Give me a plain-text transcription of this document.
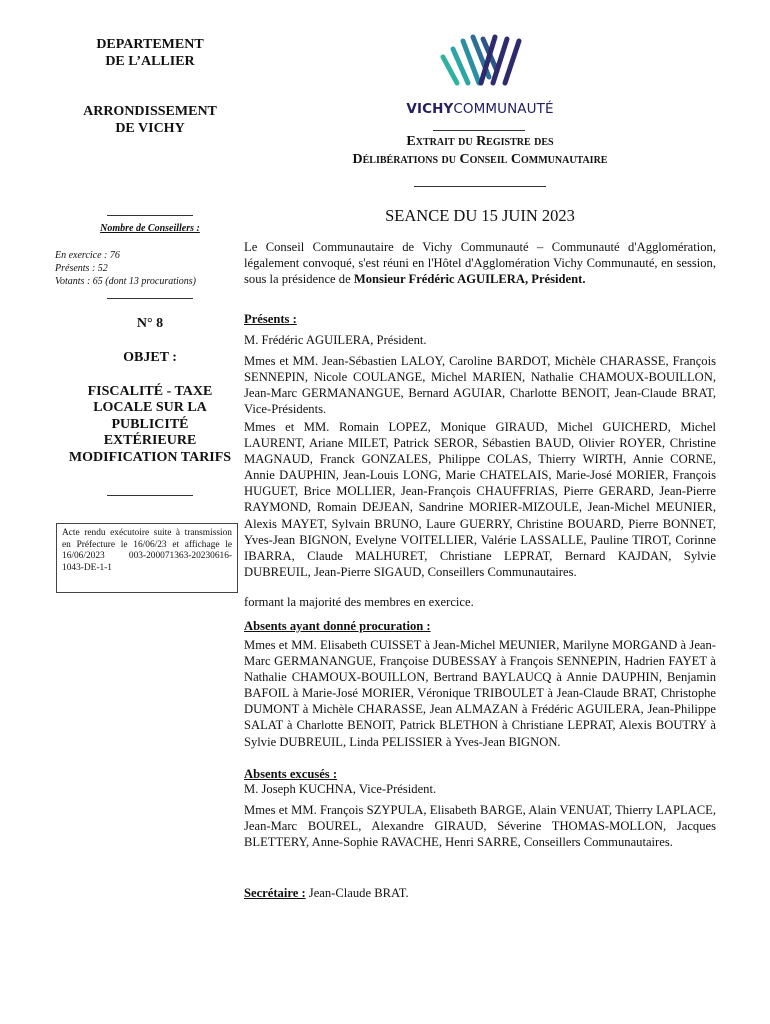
DEPARTEMENT
DE L’ALLIER
ARRONDISSEMENT
DE VICHY
Nombre de Conseillers :
En exercice : 76
Présents : 52
Votants : 65 (dont 13 procurations)
N° 8
OBJET :
FISCALITÉ - TAXE
LOCALE SUR LA
PUBLICITÉ
EXTÉRIEURE
MODIFICATION TARIFS
Acte rendu exécutoire suite à transmission en Préfecture le 16/06/23 et affichage le 16/06/2023 003-200071363-20230616-1043-DE-1-1
VICHYCOMMUNAUTÉ
Extrait du Registre des
Délibérations du Conseil Communautaire
SEANCE DU 15 JUIN 2023
Le Conseil Communautaire de Vichy Communauté – Communauté d'Agglomération, légalement convoqué, s'est réuni en l'Hôtel d'Agglomération Vichy Communauté, en session, sous la présidence de Monsieur Frédéric AGUILERA, Président.
Présents :
M. Frédéric AGUILERA, Président.
Mmes et MM. Jean-Sébastien LALOY, Caroline BARDOT, Michèle CHARASSE, François SENNEPIN, Nicole COULANGE, Michel MARIEN, Nathalie CHAMOUX-BOUILLON, Jean-Marc GERMANANGUE, Bernard AGUIAR, Charlotte BENOIT, Jean-Claude BRAT, Vice-Présidents.
Mmes et MM. Romain LOPEZ, Monique GIRAUD, Michel GUICHERD, Michel LAURENT, Ariane MILET, Patrick SEROR, Sébastien BAUD, Olivier ROYER, Christine MAGNAUD, Franck GONZALES, Philippe COLAS, Thierry WIRTH, Annie CORNE, Annie DAUPHIN, Jean-Louis LONG, Marie CHATELAIS, Marie-José MORIER, François HUGUET, Brice MOLLIER, Jean-François CHAUFFRIAS, Pierre GERARD, Jean-Pierre RAYMOND, Romain DEJEAN, Sandrine MORIER-MIZOULE, Jean-Michel MEUNIER, Alexis MAYET, Sylvain BRUNO, Laure GUERRY, Christine BOUARD, Pierre BONNET, Yves-Jean BIGNON, Evelyne VOITELLIER, Valérie LASSALLE, Pauline TIROT, Corinne IBARRA, Claude MALHURET, Christiane LEPRAT, Bernard KAJDAN, Sylvie DUBREUIL, Jean-Pierre SIGAUD, Conseillers Communautaires.
formant la majorité des membres en exercice.
Absents ayant donné procuration :
Mmes et MM. Elisabeth CUISSET à Jean-Michel MEUNIER, Marilyne MORGAND à Jean-Marc GERMANANGUE, Françoise DUBESSAY à François SENNEPIN, Hadrien FAYET à Nathalie CHAMOUX-BOUILLON, Bertrand BAYLAUCQ à Annie DAUPHIN, Benjamin BAFOIL à Marie-José MORIER, Véronique TRIBOULET à Jean-Claude BRAT, Christophe DUMONT à Michèle CHARASSE, Jean ALMAZAN à Frédéric AGUILERA, Jean-Philippe SALAT à Charlotte BENOIT, Patrick BLETHON à Christiane LEPRAT, Alexis BOUTRY à Sylvie DUBREUIL, Linda PELISSIER à Yves-Jean BIGNON.
Absents excusés :
M. Joseph KUCHNA, Vice-Président.
Mmes et MM. François SZYPULA, Elisabeth BARGE, Alain VENUAT, Thierry LAPLACE, Jean-Marc BOUREL, Alexandre GIRAUD, Séverine THOMAS-MOLLON, Jacques BLETTERY, Anne-Sophie RAVACHE, Henri SARRE, Conseillers Communautaires.
Secrétaire : Jean-Claude BRAT.
